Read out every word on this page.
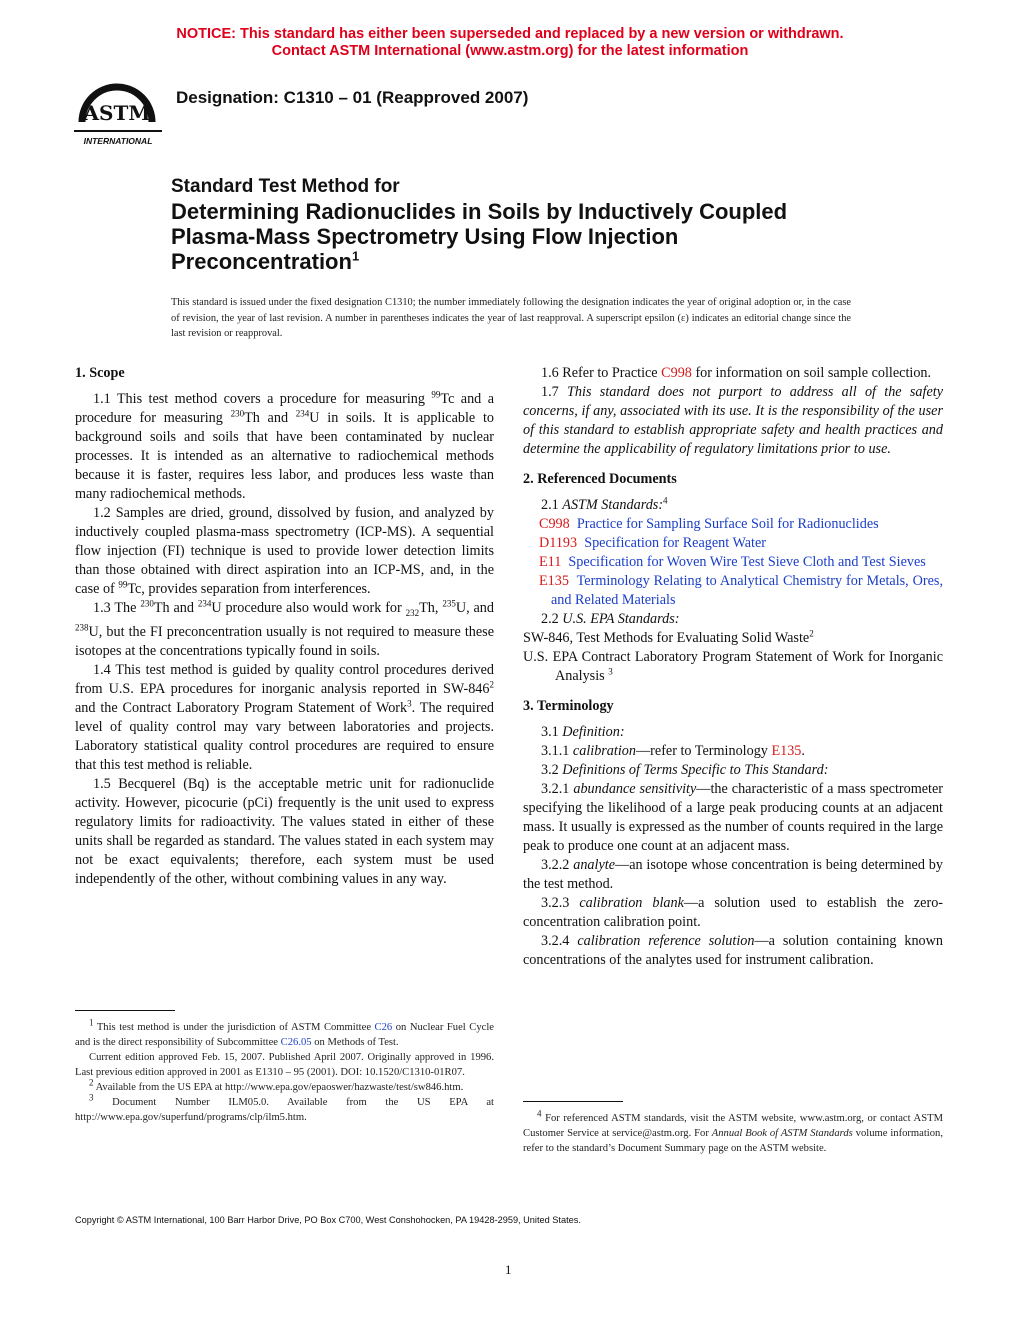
NOTICE: This standard has either been superseded and replaced by a new version or withdrawn.
Contact ASTM International (www.astm.org) for the latest information
ASTM
INTERNATIONAL
Designation: C1310 – 01 (Reapproved 2007)
Standard Test Method for
Determining Radionuclides in Soils by Inductively Coupled Plasma-Mass Spectrometry Using Flow Injection Preconcentration$^1$
This standard is issued under the fixed designation C1310; the number immediately following the designation indicates the year of original adoption or, in the case of revision, the year of last revision. A number in parentheses indicates the year of last reapproval. A superscript epsilon (ε) indicates an editorial change since the last revision or reapproval.
1. Scope

1.1 This test method covers a procedure for measuring $^{99}$Tc and a procedure for measuring $^{230}$Th and $^{234}$U in soils. It is applicable to background soils and soils that have been contaminated by nuclear processes. It is intended as an alternative to radiochemical methods because it is faster, requires less labor, and produces less waste than many radiochemical methods.

1.2 Samples are dried, ground, dissolved by fusion, and analyzed by inductively coupled plasma-mass spectrometry (ICP-MS). A sequential flow injection (FI) technique is used to provide lower detection limits than those obtained with direct aspiration into an ICP-MS, and, in the case of $^{99}$Tc, provides separation from interferences.

1.3 The $^{230}$Th and $^{234}$U procedure also would work for $_{232}$Th, $^{235}$U, and $^{238}$U, but the FI preconcentration usually is not required to measure these isotopes at the concentrations typically found in soils.

1.4 This test method is guided by quality control procedures derived from U.S. EPA procedures for inorganic analysis reported in $SW-846^2$ and the Contract Laboratory Program Statement of Work$^3$. The required level of quality control may vary between laboratories and projects. Laboratory statistical quality control procedures are required to ensure that this test method is reliable.

1.5 Becquerel (Bq) is the acceptable metric unit for radionuclide activity. However, picocurie (pCi) frequently is the unit used to express regulatory limits for radioactivity. The values stated in either of these units shall be regarded as standard. The values stated in each system may not be exact equivalents; therefore, each system must be used independently of the other, without combining values in any way.

$^1$ This test method is under the jurisdiction of ASTM Committee C26 on Nuclear Fuel Cycle and is the direct responsibility of Subcommittee C26.05 on Methods of Test.

Current edition approved Feb. 15, 2007. Published April 2007. Originally approved in 1996. Last previous edition approved in 2001 as E1310 – 95 (2001). DOI: 10.1520/C1310-01R07.

$^2$ Available from the US EPA at http://www.epa.gov/epaoswer/hazwaste/test/sw846.htm.

$^3$ Document Number ILM05.0. Available from the US EPA at http://www.epa.gov/superfund/programs/clp/ilm5.htm.

1.6 Refer to Practice C998 for information on soil sample collection.

1.7 This standard does not purport to address all of the safety concerns, if any, associated with its use. It is the responsibility of the user of this standard to establish appropriate safety and health practices and determine the applicability of regulatory limitations prior to use.

2. Referenced Documents

2.1 ASTM Standards:$^4$

C998 Practice for Sampling Surface Soil for Radionuclides

D1193 Specification for Reagent Water

E11 Specification for Woven Wire Test Sieve Cloth and Test Sieves

E135 Terminology Relating to Analytical Chemistry for Metals, Ores, and Related Materials

2.2 U.S. EPA Standards:

SW-846, Test Methods for Evaluating Solid Waste$^2$

U.S. EPA Contract Laboratory Program Statement of Work for Inorganic Analysis $^3$

3. Terminology

3.1 Definition:

3.1.1 calibration—refer to Terminology E135.

3.2 Definitions of Terms Specific to This Standard:

3.2.1 abundance sensitivity—the characteristic of a mass spectrometer specifying the likelihood of a large peak producing counts at an adjacent mass. It usually is expressed as the number of counts required in the large peak to produce one count at an adjacent mass.

3.2.2 analyte—an isotope whose concentration is being determined by the test method.

3.2.3 calibration blank—a solution used to establish the zero-concentration calibration point.

3.2.4 calibration reference solution—a solution containing known concentrations of the analytes used for instrument calibration.

$^4$ For referenced ASTM standards, visit the ASTM website, www.astm.org, or contact ASTM Customer Service at service@astm.org. For Annual Book of ASTM Standards volume information, refer to the standard’s Document Summary page on the ASTM website.

Copyright © ASTM International, 100 Barr Harbor Drive, PO Box C700, West Conshohocken, PA 19428-2959, United States.
1
